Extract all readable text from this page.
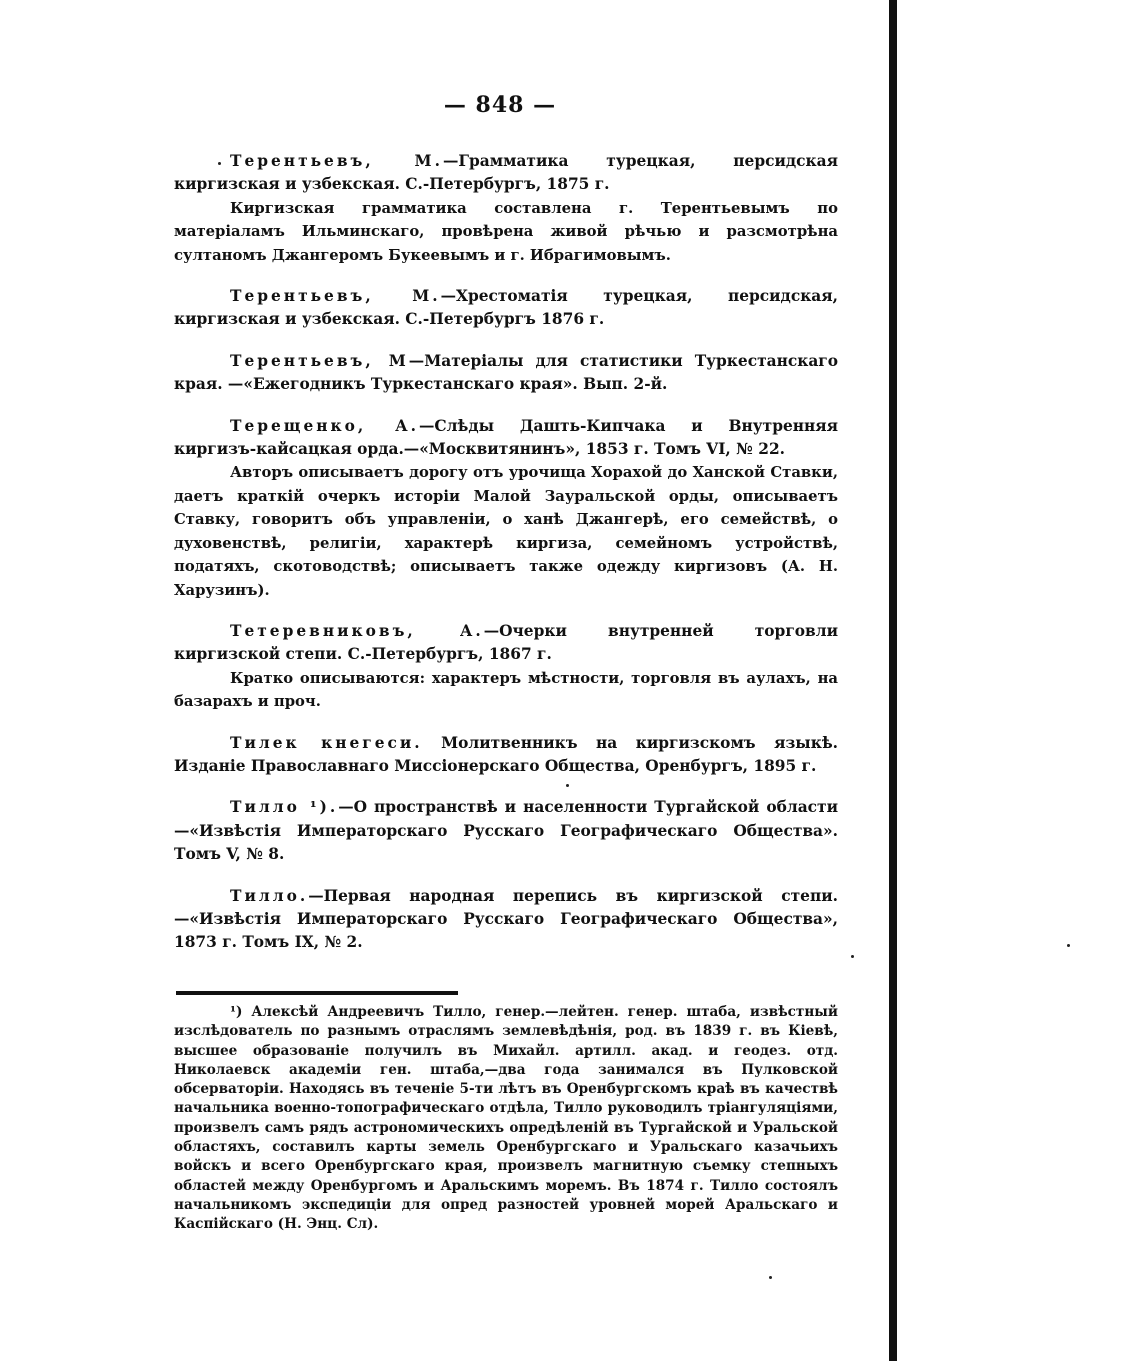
— 848 —

Терентьевъ, М.—Грамматика турецкая, персидская киргизская и узбекская. С.-Петербургъ, 1875 г.

Киргизская грамматика составлена г. Терентьевымъ по матеріаламъ Ильминскаго, провѣрена живой рѣчью и разсмотрѣна султаномъ Джангеромъ Букеевымъ и г. Ибрагимовымъ.

Терентьевъ, М.—Хрестоматія турецкая, персидская, киргизская и узбекская. С.-Петербургъ 1876 г.

Терентьевъ, М—Матеріалы для статистики Туркестанскаго края. —«Ежегодникъ Туркестанскаго края». Вып. 2-й.

Терещенко, А.—Слѣды Дашть-Кипчака и Внутренняя киргизъ-кайсацкая орда.—«Москвитянинъ», 1853 г. Томъ VI, № 22.

Авторъ описываетъ дорогу отъ урочища Хорахой до Ханской Ставки, даетъ краткій очеркъ исторіи Малой Зауральской орды, описываетъ Ставку, говоритъ объ управленіи, о ханѣ Джангерѣ, его семействѣ, о духовенствѣ, религіи, характерѣ киргиза, семейномъ устройствѣ, податяхъ, скотоводствѣ; описываетъ также одежду киргизовъ (А. Н. Харузинъ).

Тетеревниковъ, А.—Очерки внутренней торговли киргизской степи. С.-Петербургъ, 1867 г.

Кратко описываются: характеръ мѣстности, торговля въ аулахъ, на базарахъ и проч.

Тилек кнегеси. Молитвенникъ на киргизскомъ языкѣ. Изданіе Православнаго Миссіонерскаго Общества, Оренбургъ, 1895 г.

Тилло ¹).—О пространствѣ и населенности Тургайской области—«Извѣстія Императорскаго Русскаго Географическаго Общества». Томъ V, № 8.

Тилло.—Первая народная перепись въ киргизской степи.—«Извѣстія Императорскаго Русскаго Географическаго Общества», 1873 г. Томъ IX, № 2.

¹) Алексѣй Андреевичъ Тилло, генер.—лейтен. генер. штаба, извѣстный изслѣдователь по разнымъ отраслямъ землевѣдѣнія, род. въ 1839 г. въ Кіевѣ, высшее образованіе получилъ въ Михайл. артилл. акад. и геодез. отд. Николаевск академіи ген. штаба,—два года занимался въ Пулковской обсерваторіи. Находясь въ теченіе 5-ти лѣтъ въ Оренбургскомъ краѣ въ качествѣ начальника военно-топографическаго отдѣла, Тилло руководилъ тріангуляціями, произвелъ самъ рядъ астрономическихъ опредѣленій въ Тургайской и Уральской областяхъ, составилъ карты земель Оренбургскаго и Уральскаго казачьихъ войскъ и всего Оренбургскаго края, произвелъ магнитную съемку степныхъ областей между Оренбургомъ и Аральскимъ моремъ. Въ 1874 г. Тилло состоялъ начальникомъ экспедиціи для опред разностей уровней морей Аральскаго и Каспійскаго (Н. Энц. Сл).
